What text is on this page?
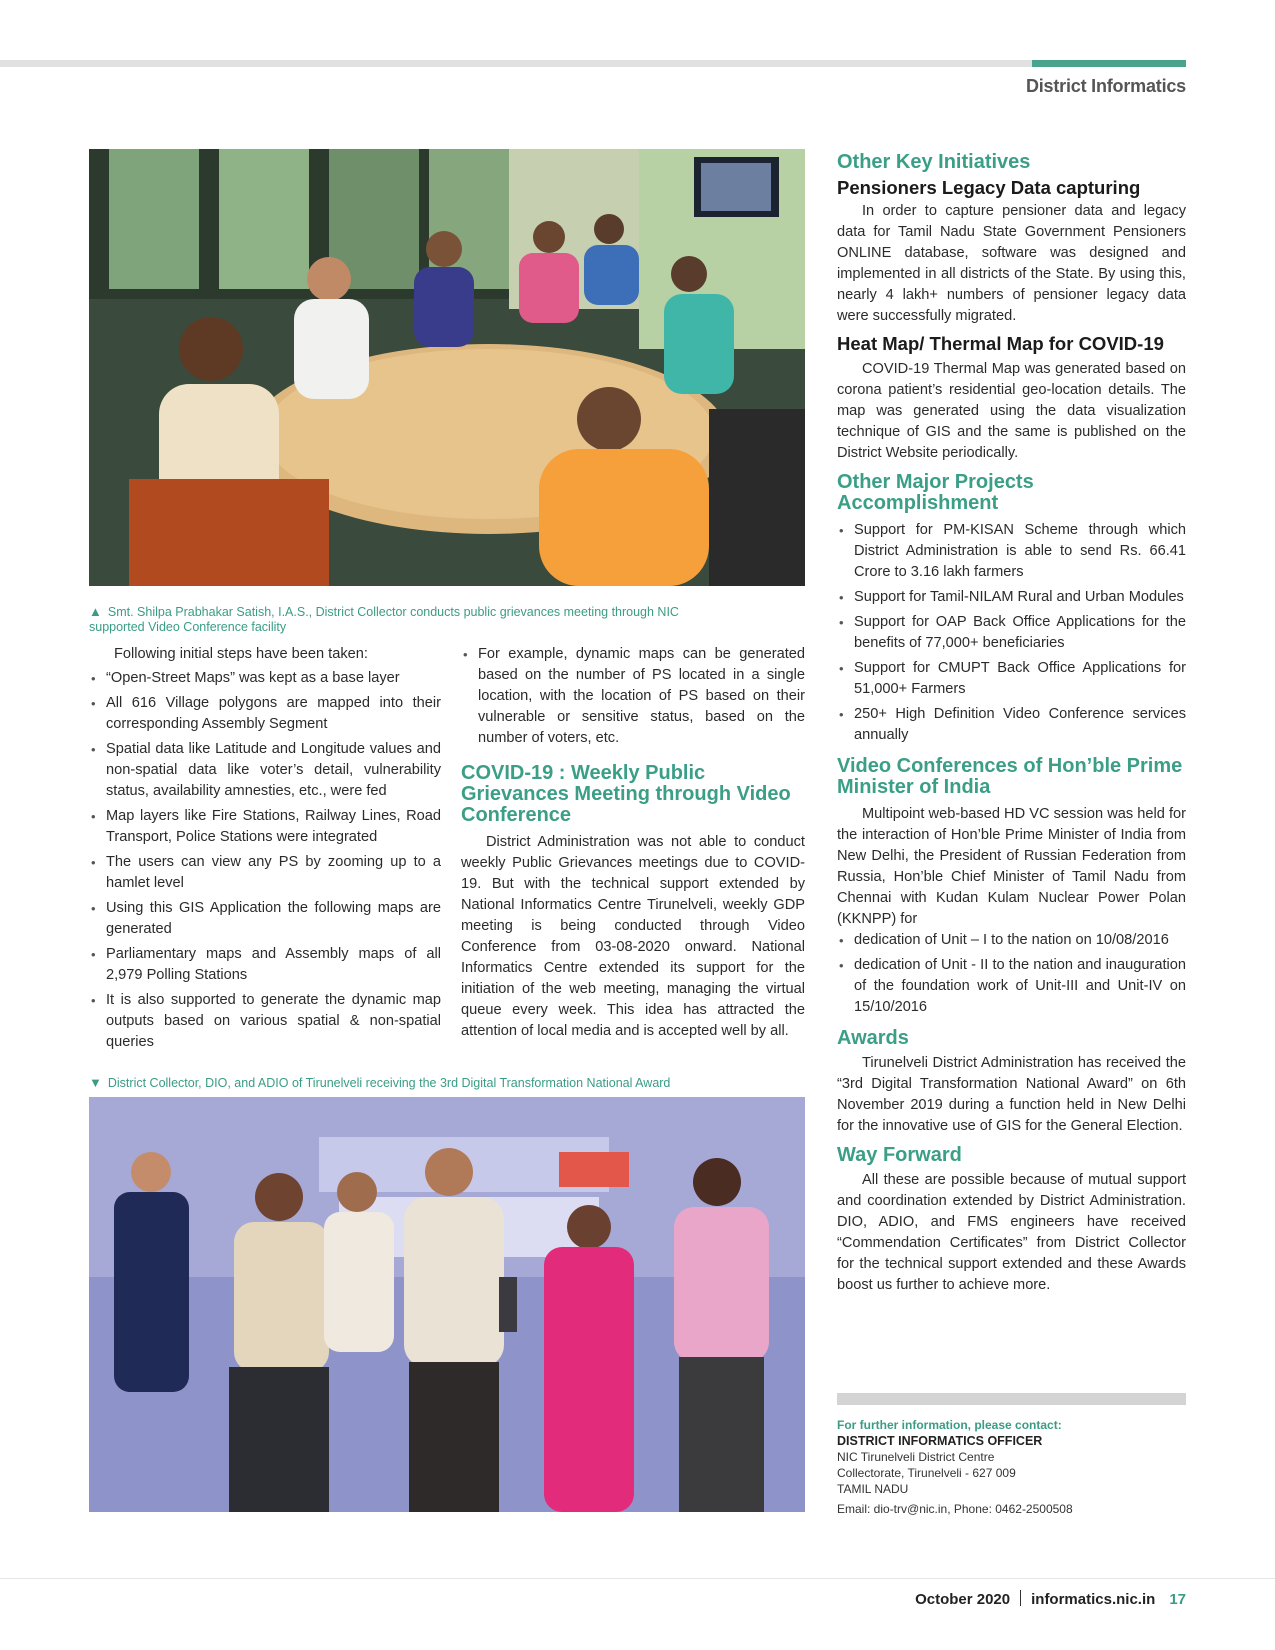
District Informatics
▲ Smt. Shilpa Prabhakar Satish, I.A.S., District Collector conducts public grievances meeting through NIC supported Video Conference facility

Following initial steps have been taken:

• “Open-Street Maps” was kept as a base layer
• All 616 Village polygons are mapped into their corresponding Assembly Segment
• Spatial data like Latitude and Longitude values and non-spatial data like voter’s detail, vulnerability status, availability amnesties, etc., were fed
• Map layers like Fire Stations, Railway Lines, Road Transport, Police Stations were integrated
• The users can view any PS by zooming up to a hamlet level
• Using this GIS Application the following maps are generated
• Parliamentary maps and Assembly maps of all 2,979 Polling Stations
• It is also supported to generate the dynamic map outputs based on various spatial & non-spatial queries
• For example, dynamic maps can be generated based on the number of PS located in a single location, with the location of PS based on their vulnerable or sensitive status, based on the number of voters, etc.
COVID-19 : Weekly Public Grievances Meeting through Video Conference

District Administration was not able to conduct weekly Public Grievances meetings due to COVID-19. But with the technical support extended by National Informatics Centre Tirunelveli, weekly GDP meeting is being conducted through Video Conference from 03-08-2020 onward. National Informatics Centre extended its support for the initiation of the web meeting, managing the virtual queue every week. This idea has attracted the attention of local media and is accepted well by all.

▼ District Collector, DIO, and ADIO of Tirunelveli receiving the 3rd Digital Transformation National Award
Other Key Initiatives
Pensioners Legacy Data capturing

In order to capture pensioner data and legacy data for Tamil Nadu State Government Pensioners ONLINE database, software was designed and implemented in all districts of the State. By using this, nearly 4 lakh+ numbers of pensioner legacy data were successfully migrated.

Heat Map/ Thermal Map for COVID-19

COVID-19 Thermal Map was generated based on corona patient’s residential geo-location details. The map was generated using the data visualization technique of GIS and the same is published on the District Website periodically.

Other Major Projects Accomplishment
• Support for PM-KISAN Scheme through which District Administration is able to send Rs. 66.41 Crore to 3.16 lakh farmers
• Support for Tamil-NILAM Rural and Urban Modules
• Support for OAP Back Office Applications for the benefits of 77,000+ beneficiaries
• Support for CMUPT Back Office Applications for 51,000+ Farmers
• 250+ High Definition Video Conference services annually
Video Conferences of Hon’ble Prime Minister of India

Multipoint web-based HD VC session was held for the interaction of Hon’ble Prime Minister of India from New Delhi, the President of Russian Federation from Russia, Hon’ble Chief Minister of Tamil Nadu from Chennai with Kudan Kulam Nuclear Power Polan (KKNPP) for

• dedication of Unit – I to the nation on 10/08/2016
• dedication of Unit - II to the nation and inauguration of the foundation work of Unit-III and Unit-IV on 15/10/2016
Awards

Tirunelveli District Administration has received the “3rd Digital Transformation National Award” on 6th November 2019 during a function held in New Delhi for the innovative use of GIS for the General Election.

Way Forward

All these are possible because of mutual support and coordination extended by District Administration. DIO, ADIO, and FMS engineers have received “Commendation Certificates” from District Collector for the technical support extended and these Awards boost us further to achieve more.

For further information, please contact:
DISTRICT INFORMATICS OFFICER
NIC Tirunelveli District Centre
Collectorate, Tirunelveli - 627 009
TAMIL NADU
Email: dio-trv@nic.in, Phone: 0462-2500508
October 2020 informatics.nic.in 17
